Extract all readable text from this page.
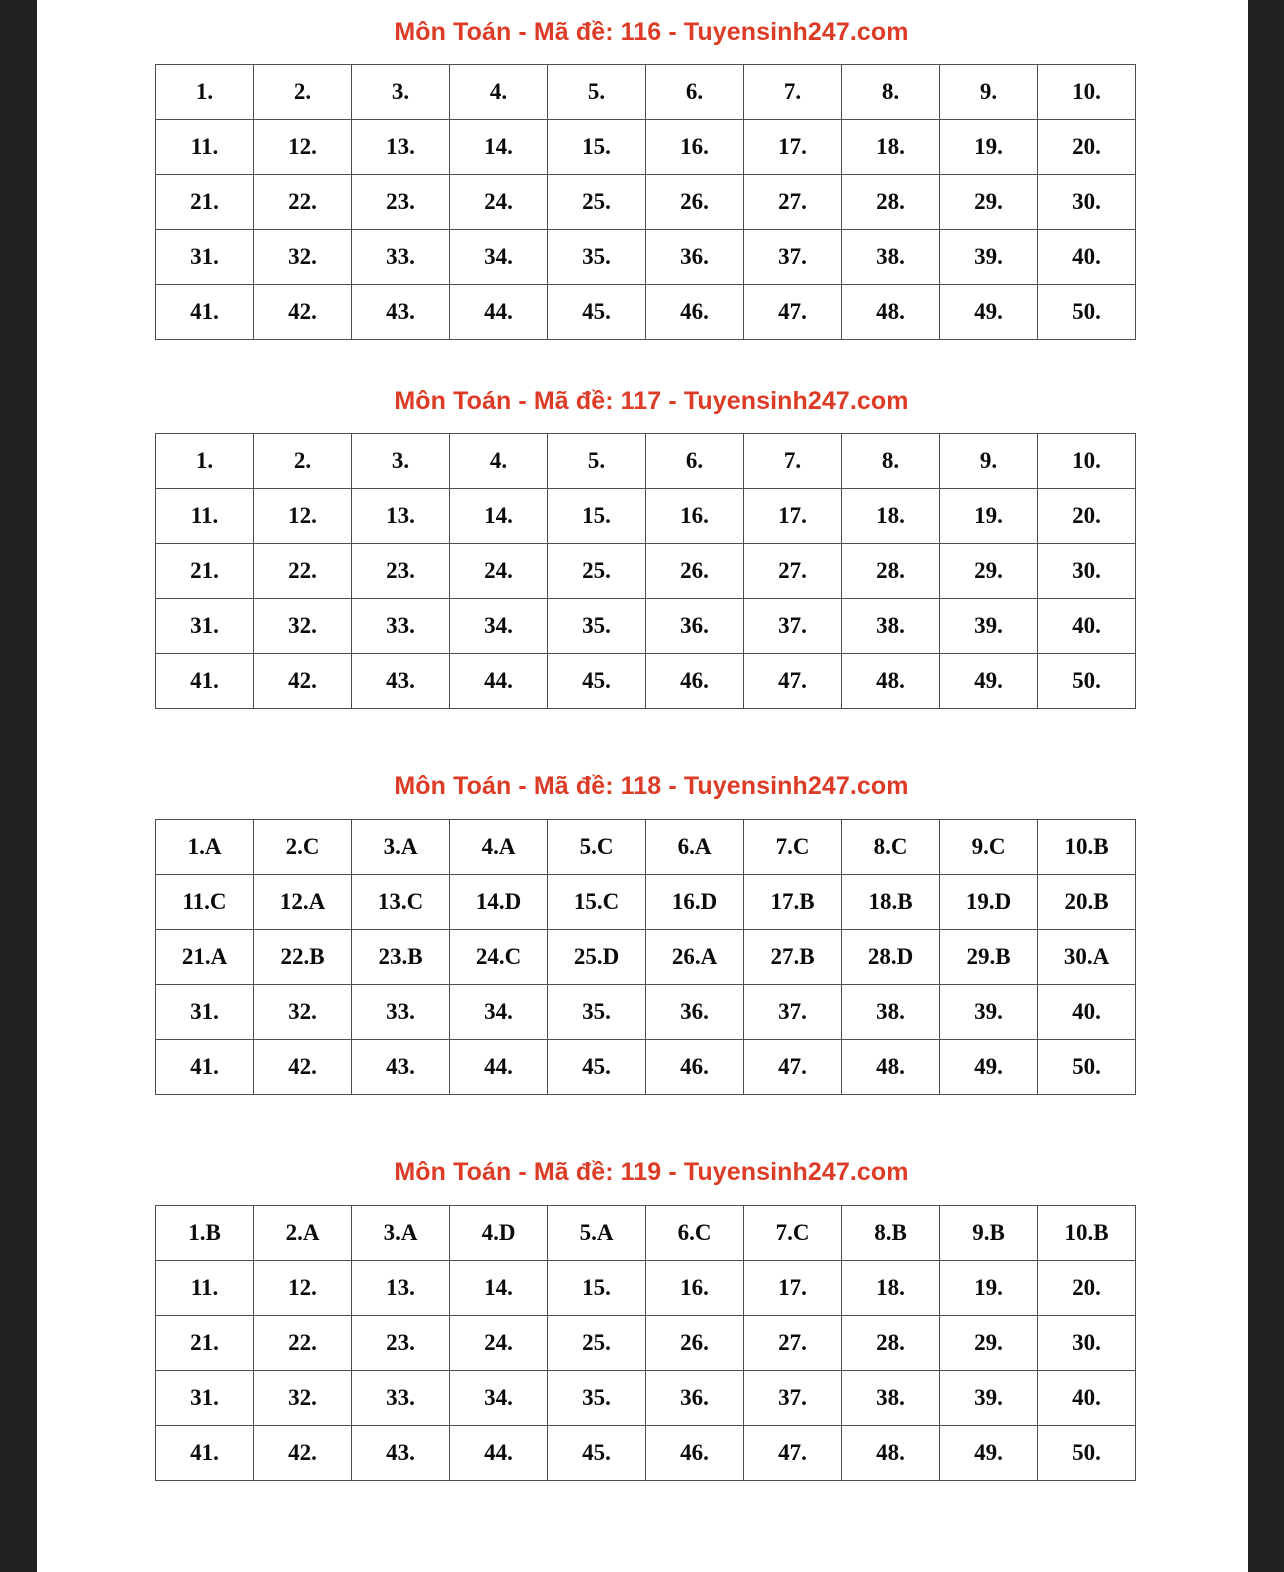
Môn Toán - Mã đề: 116 - Tuyensinh247.com
1.	2.	3.	4.	5.	6.	7.	8.	9.	10.
11.	12.	13.	14.	15.	16.	17.	18.	19.	20.
21.	22.	23.	24.	25.	26.	27.	28.	29.	30.
31.	32.	33.	34.	35.	36.	37.	38.	39.	40.
41.	42.	43.	44.	45.	46.	47.	48.	49.	50.
Môn Toán - Mã đề: 117 - Tuyensinh247.com
1.	2.	3.	4.	5.	6.	7.	8.	9.	10.
11.	12.	13.	14.	15.	16.	17.	18.	19.	20.
21.	22.	23.	24.	25.	26.	27.	28.	29.	30.
31.	32.	33.	34.	35.	36.	37.	38.	39.	40.
41.	42.	43.	44.	45.	46.	47.	48.	49.	50.
Môn Toán - Mã đề: 118 - Tuyensinh247.com
1.A	2.C	3.A	4.A	5.C	6.A	7.C	8.C	9.C	10.B
11.C	12.A	13.C	14.D	15.C	16.D	17.B	18.B	19.D	20.B
21.A	22.B	23.B	24.C	25.D	26.A	27.B	28.D	29.B	30.A
31.	32.	33.	34.	35.	36.	37.	38.	39.	40.
41.	42.	43.	44.	45.	46.	47.	48.	49.	50.
Môn Toán - Mã đề: 119 - Tuyensinh247.com
1.B	2.A	3.A	4.D	5.A	6.C	7.C	8.B	9.B	10.B
11.	12.	13.	14.	15.	16.	17.	18.	19.	20.
21.	22.	23.	24.	25.	26.	27.	28.	29.	30.
31.	32.	33.	34.	35.	36.	37.	38.	39.	40.
41.	42.	43.	44.	45.	46.	47.	48.	49.	50.
